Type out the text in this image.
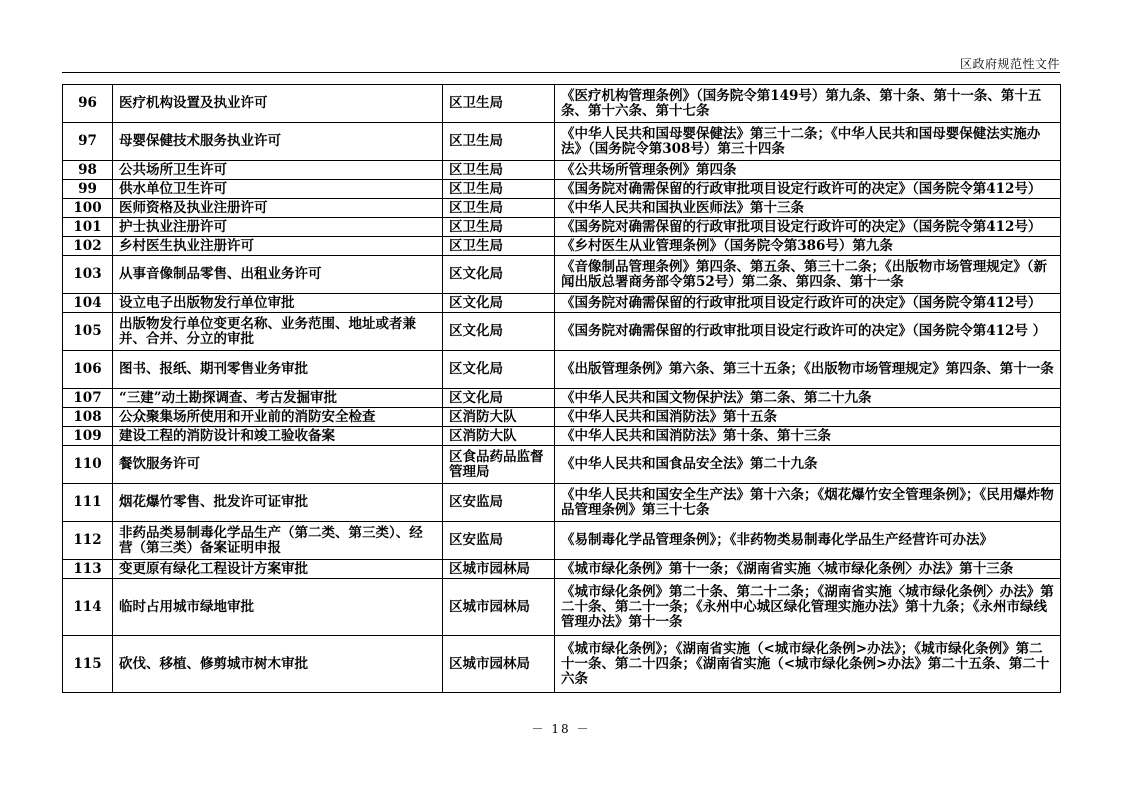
区政府规范性文件
96	医疗机构设置及执业许可	区卫生局	《医疗机构管理条例》（国务院令第149号）第九条、第十条、第十一条、第十五条、第十六条、第十七条
97	母婴保健技术服务执业许可	区卫生局	《中华人民共和国母婴保健法》第三十二条；《中华人民共和国母婴保健法实施办法》（国务院令第308号）第三十四条
98	公共场所卫生许可	区卫生局	《公共场所管理条例》第四条
99	供水单位卫生许可	区卫生局	《国务院对确需保留的行政审批项目设定行政许可的决定》（国务院令第412号）
100	医师资格及执业注册许可	区卫生局	《中华人民共和国执业医师法》第十三条
101	护士执业注册许可	区卫生局	《国务院对确需保留的行政审批项目设定行政许可的决定》（国务院令第412号）
102	乡村医生执业注册许可	区卫生局	《乡村医生从业管理条例》（国务院令第386号）第九条
103	从事音像制品零售、出租业务许可	区文化局	《音像制品管理条例》第四条、第五条、第三十二条；《出版物市场管理规定》（新闻出版总署商务部令第52号）第二条、第四条、第十一条
104	设立电子出版物发行单位审批	区文化局	《国务院对确需保留的行政审批项目设定行政许可的决定》（国务院令第412号）
105	出版物发行单位变更名称、业务范围、地址或者兼并、合并、分立的审批	区文化局	《国务院对确需保留的行政审批项目设定行政许可的决定》（国务院令第412号 ）
106	图书、报纸、期刊零售业务审批	区文化局	《出版管理条例》第六条、第三十五条；《出版物市场管理规定》第四条、第十一条
107	“三建”动土勘探调查、考古发掘审批	区文化局	《中华人民共和国文物保护法》第二条、第二十九条
108	公众聚集场所使用和开业前的消防安全检查	区消防大队	《中华人民共和国消防法》第十五条
109	建设工程的消防设计和竣工验收备案	区消防大队	《中华人民共和国消防法》第十条、第十三条
110	餐饮服务许可	区食品药品监督管理局	《中华人民共和国食品安全法》第二十九条
111	烟花爆竹零售、批发许可证审批	区安监局	《中华人民共和国安全生产法》第十六条；《烟花爆竹安全管理条例》；《民用爆炸物品管理条例》第三十七条
112	非药品类易制毒化学品生产（第二类、第三类）、经营（第三类）备案证明申报	区安监局	《易制毒化学品管理条例》；《非药物类易制毒化学品生产经营许可办法》
113	变更原有绿化工程设计方案审批	区城市园林局	《城市绿化条例》第十一条；《湖南省实施〈城市绿化条例〉办法》第十三条
114	临时占用城市绿地审批	区城市园林局	《城市绿化条例》第二十条、第二十二条；《湖南省实施〈城市绿化条例〉办法》第二十条、第二十一条；《永州中心城区绿化管理实施办法》第十九条；《永州市绿线管理办法》第十一条
115	砍伐、移植、修剪城市树木审批	区城市园林局	《城市绿化条例》；《湖南省实施（<城市绿化条例>办法》；《城市绿化条例》第二十一条、第二十四条；《湖南省实施（<城市绿化条例>办法》第二十五条、第二十六条
－ 18 －
